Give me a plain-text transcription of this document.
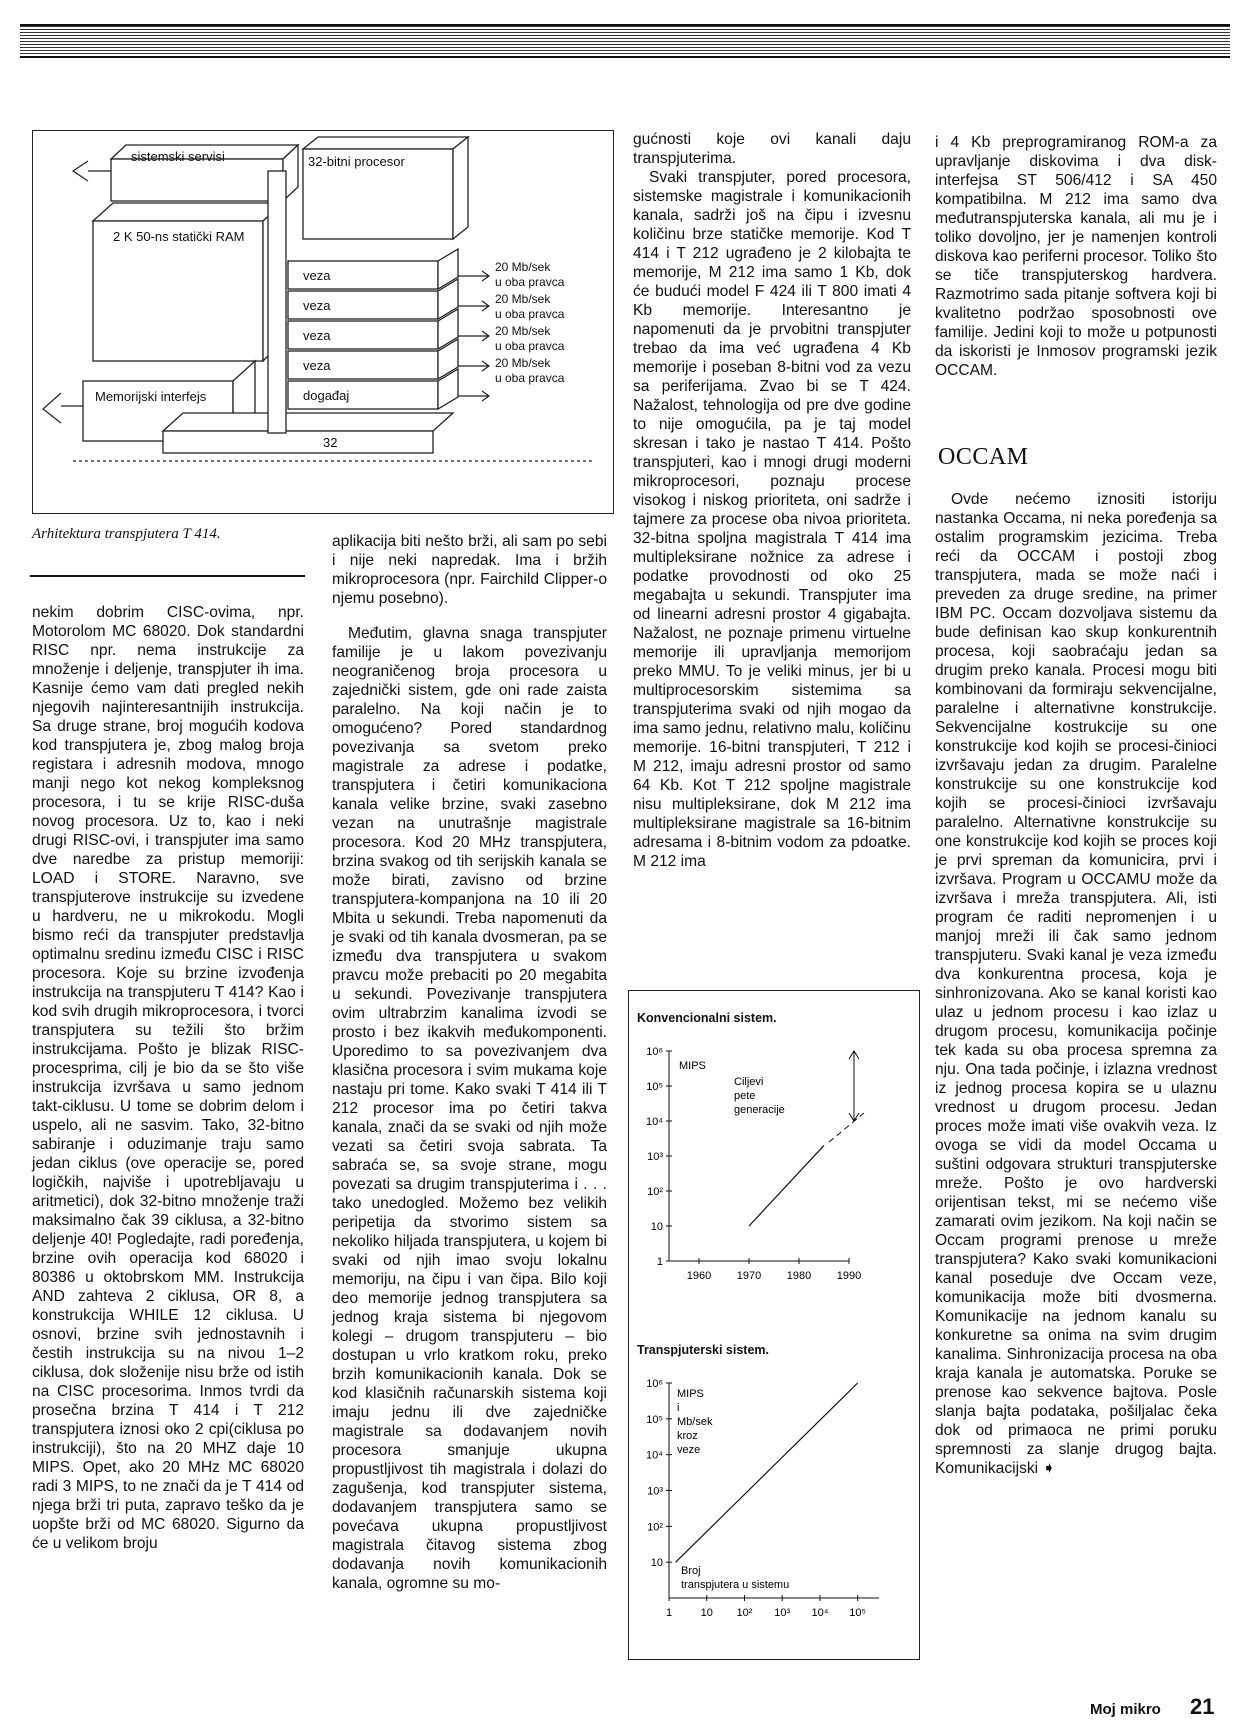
sistemski servisi	32-bitni procesor
2 K 50-ns statički RAM
Memorijski interfejs
veza
veza
veza
veza
događaj
32
20 Mb/sek
u oba pravca
20 Mb/sek
u oba pravca
20 Mb/sek
u oba pravca
20 Mb/sek
u oba pravca
Arhitektura transpjutera T 414.

nekim dobrim CISC-ovima, npr. Motorolom MC 68020. Dok standardni RISC npr. nema instrukcije za množenje i deljenje, transpjuter ih ima. Kasnije ćemo vam dati pregled nekih njegovih najinteresantnijih instrukcija. Sa druge strane, broj mogućih kodova kod transpjutera je, zbog malog broja registara i adresnih modova, mnogo manji nego kot nekog kompleksnog procesora, i tu se krije RISC-duša novog procesora. Uz to, kao i neki drugi RISC-ovi, i transpjuter ima samo dve naredbe za pristup memoriji: LOAD i STORE. Naravno, sve transpjuterove instrukcije su izvedene u hardveru, ne u mikrokodu. Mogli bismo reći da transpjuter predstavlja optimalnu sredinu između CISC i RISC procesora. Koje su brzine izvođenja instrukcija na transpjuteru T 414? Kao i kod svih drugih mikroprocesora, i tvorci transpjutera su težili što bržim instrukcijama. Pošto je blizak RISC-procesprima, cilj je bio da se što više instrukcija izvršava u samo jednom takt-ciklusu. U tome se dobrim delom i uspelo, ali ne sasvim. Tako, 32-bitno sabiranje i oduzimanje traju samo jedan ciklus (ove operacije se, pored logičkih, najviše i upotrebljavaju u aritmetici), dok 32-bitno množenje traži maksimalno čak 39 ciklusa, a 32-bitno deljenje 40! Pogledajte, radi poređenja, brzine ovih operacija kod 68020 i 80386 u oktobrskom MM. Instrukcija AND zahteva 2 ciklusa, OR 8, a konstrukcija WHILE 12 ciklusa. U osnovi, brzine svih jednostavnih i čestih instrukcija su na nivou 1–2 ciklusa, dok složenije nisu brže od istih na CISC procesorima. Inmos tvrdi da prosečna brzina T 414 i T 212 transpjutera iznosi oko 2 cpi(ciklusa po instrukciji), što na 20 MHZ daje 10 MIPS. Opet, ako 20 MHz MC 68020 radi 3 MIPS, to ne znači da je T 414 od njega brži tri puta, zapravo teško da je uopšte brži od MC 68020. Sigurno da će u velikom broju

aplikacija biti nešto brži, ali sam po sebi i nije neki napredak. Ima i bržih mikroprocesora (npr. Fairchild Clipper-o njemu posebno).

Međutim, glavna snaga transpjuter familije je u lakom povezivanju neograničenog broja procesora u zajednički sistem, gde oni rade zaista paralelno. Na koji način je to omogućeno? Pored standardnog povezivanja sa svetom preko magistrale za adrese i podatke, transpjutera i četiri komunikaciona kanala velike brzine, svaki zasebno vezan na unutrašnje magistrale procesora. Kod 20 MHz transpjutera, brzina svakog od tih serijskih kanala se može birati, zavisno od brzine transpjutera-kompanjona na 10 ili 20 Mbita u sekundi. Treba napomenuti da je svaki od tih kanala dvosmeran, pa se između dva transpjutera u svakom pravcu može prebaciti po 20 megabita u sekundi. Povezivanje transpjutera ovim ultrabrzim kanalima izvodi se prosto i bez ikakvih međukomponenti. Uporedimo to sa povezivanjem dva klasična procesora i svim mukama koje nastaju pri tome. Kako svaki T 414 ili T 212 procesor ima po četiri takva kanala, znači da se svaki od njih može vezati sa četiri svoja sabrata. Ta sabraća se, sa svoje strane, mogu povezati sa drugim transpjuterima i . . . tako unedogled. Možemo bez velikih peripetija da stvorimo sistem sa nekoliko hiljada transpjutera, u kojem bi svaki od njih imao svoju lokalnu memoriju, na čipu i van čipa. Bilo koji deo memorije jednog transpjutera sa jednog kraja sistema bi njegovom kolegi – drugom transpjuteru – bio dostupan u vrlo kratkom roku, preko brzih komunikacionih kanala. Dok se kod klasičnih računarskih sistema koji imaju jednu ili dve zajedničke magistrale sa dodavanjem novih procesora smanjuje ukupna propustljivost tih magistrala i dolazi do zagušenja, kod transpjuter sistema, dodavanjem transpjutera samo se povećava ukupna propustljivost magistrala čitavog sistema zbog dodavanja novih komunikacionih kanala, ogromne su mo-

gućnosti koje ovi kanali daju transpjuterima.

Svaki transpjuter, pored procesora, sistemske magistrale i komunikacionih kanala, sadrži još na čipu i izvesnu količinu brze statičke memorije. Kod T 414 i T 212 ugrađeno je 2 kilobajta te memorije, M 212 ima samo 1 Kb, dok će budući model F 424 ili T 800 imati 4 Kb memorije. Interesantno je napomenuti da je prvobitni transpjuter trebao da ima već ugrađena 4 Kb memorije i poseban 8-bitni vod za vezu sa periferijama. Zvao bi se T 424. Nažalost, tehnologija od pre dve godine to nije omogućila, pa je taj model skresan i tako je nastao T 414. Pošto transpjuteri, kao i mnogi drugi moderni mikroprocesori, poznaju procese visokog i niskog prioriteta, oni sadrže i tajmere za procese oba nivoa prioriteta. 32-bitna spoljna magistrala T 414 ima multipleksirane nožnice za adrese i podatke provodnosti od oko 25 megabajta u sekundi. Transpjuter ima od linearni adresni prostor 4 gigabajta. Nažalost, ne poznaje primenu virtuelne memorije ili upravljanja memorijom preko MMU. To je veliki minus, jer bi u multiprocesorskim sistemima sa transpjuterima svaki od njih mogao da ima samo jednu, relativno malu, količinu memorije. 16-bitni transpjuteri, T 212 i M 212, imaju adresni prostor od samo 64 Kb. Kot T 212 spoljne magistrale nisu multipleksirane, dok M 212 ima multipleksirane magistrale sa 16-bitnim adresama i 8-bitnim vodom za pdoatke. M 212 ima

i 4 Kb preprogramiranog ROM-a za upravljanje diskovima i dva disk-interfejsa ST 506/412 i SA 450 kompatibilna. M 212 ima samo dva međutranspjuterska kanala, ali mu je i toliko dovoljno, jer je namenjen kontroli diskova kao periferni procesor. Toliko što se tiče transpjuterskog hardvera. Razmotrimo sada pitanje softvera koji bi kvalitetno podržao sposobnosti ove familije. Jedini koji to može u potpunosti da iskoristi je Inmosov programski jezik OCCAM.

OCCAM

Ovde nećemo iznositi istoriju nastanka Occama, ni neka poređenja sa ostalim programskim jezicima. Treba reći da OCCAM i postoji zbog transpjutera, mada se može naći i preveden za druge sredine, na primer IBM PC. Occam dozvoljava sistemu da bude definisan kao skup konkurentnih procesa, koji saobraćaju jedan sa drugim preko kanala. Procesi mogu biti kombinovani da formiraju sekvencijalne, paralelne i alternativne konstrukcije. Sekvencijalne kostrukcije su one konstrukcije kod kojih se procesi-činioci izvršavaju jedan za drugim. Paralelne konstrukcije su one konstrukcije kod kojih se procesi-činioci izvršavaju paralelno. Alternativne konstrukcije su one konstrukcije kod kojih se proces koji je prvi spreman da komunicira, prvi i izvršava. Program u OCCAMU može da izvršava i mreža transpjutera. Ali, isti program će raditi nepromenjen i u manjoj mreži ili čak samo jednom transpjuteru. Svaki kanal je veza između dva konkurentna procesa, koja je sinhronizovana. Ako se kanal koristi kao ulaz u jednom procesu i kao izlaz u drugom procesu, komunikacija počinje tek kada su oba procesa spremna za nju. Ona tada počinje, i izlazna vrednost iz jednog procesa kopira se u ulaznu vrednost u drugom procesu. Jedan proces može imati više ovakvih veza. Iz ovoga se vidi da model Occama u suštini odgovara strukturi transpjuterske mreže. Pošto je ovo hardverski orijentisan tekst, mi se nećemo više zamarati ovim jezikom. Na koji način se Occam programi prenose u mreže transpjutera? Kako svaki komunikacioni kanal poseduje dve Occam veze, komunikacija može biti dvosmerna. Komunikacije na jednom kanalu su konkuretne sa onima na svim drugim kanalima. Sinhronizacija procesa na oba kraja kanala je automatska. Poruke se prenose kao sekvence bajtova. Posle slanja bajta podataka, pošiljalac čeka dok od primaoca ne primi poruku spremnosti za slanje drugog bajta. Komunikacijski ➧

Konvencionalni sistem.
1
10
10²
10³
10⁴
10⁵
10⁶
1960 1970 1980 1990
MIPS
Ciljevi
pete
generacije
Transpjuterski sistem.
10
10²
10³
10⁴
10⁵
10⁶
1	10 10² 10³ 10⁴ 10⁵
MIPS
i
Mb/sek
kroz
veze
Broj
transpjutera u sistemu
Moj mikro 21
